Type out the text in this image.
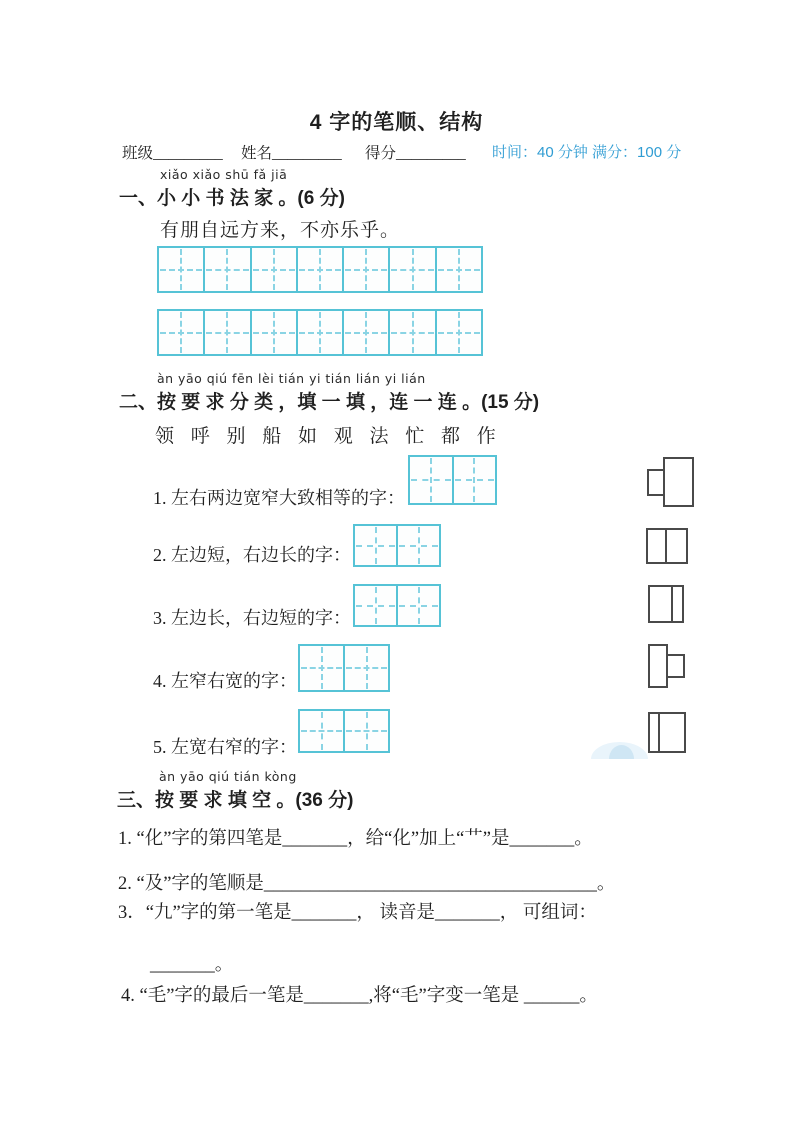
4 字的笔顺、结构
班级_________ 姓名_________ 得分_________ 时间：40 分钟 满分：100 分
xiǎo xiǎo shū fǎ jiā
一、小 小 书 法 家 。(6 分)
有朋自远方来，不亦乐乎。
àn yāo qiú fēn lèi tián yi tián lián yi lián
二、按 要 求 分 类 ，填 一 填 ，连 一 连 。(15 分)
领 呼 别 船 如 观 法 忙 都 作
1. 左右两边宽窄大致相等的字：
2. 左边短，右边长的字：
3. 左边长，右边短的字：
4. 左窄右宽的字：
5. 左宽右窄的字：
àn yāo qiú tián kòng
三、按 要 求 填 空 。(36 分)
1. “化”字的第四笔是_______，给“化”加上“艹”是_______。
2. “及”字的笔顺是____________________________________。
3．“九”字的第一笔是_______， 读音是_______， 可组词：
_______。
4. “毛”字的最后一笔是_______,将“毛”字变一笔是 ______。
